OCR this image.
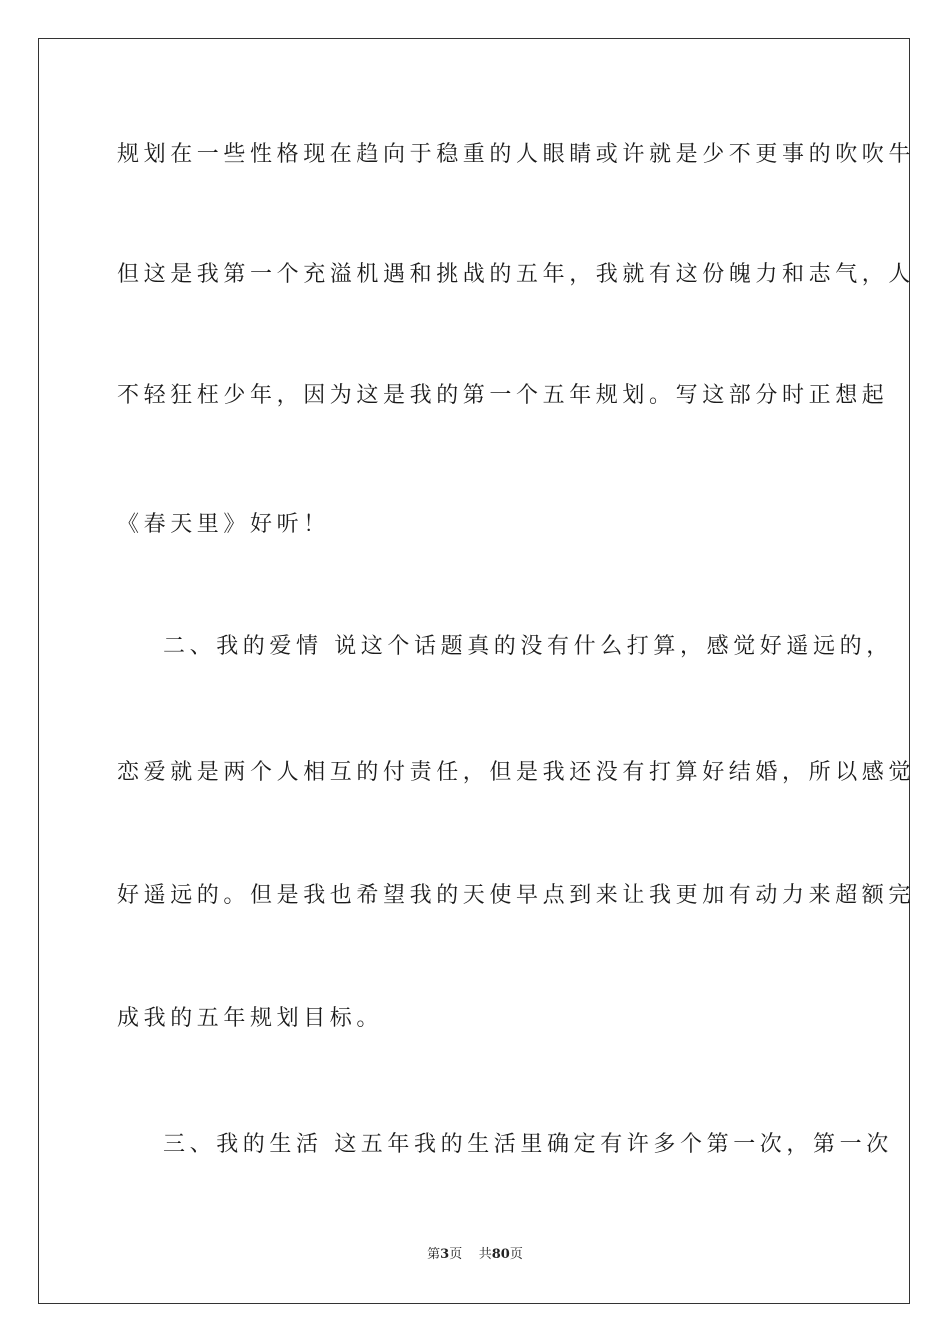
规划在一些性格现在趋向于稳重的人眼睛或许就是少不更事的吹吹牛
但这是我第一个充溢机遇和挑战的五年，我就有这份魄力和志气，人
不轻狂枉少年，因为这是我的第一个五年规划。写这部分时正想起
《春天里》好听！
二、我的爱情 说这个话题真的没有什么打算，感觉好遥远的，
恋爱就是两个人相互的付责任，但是我还没有打算好结婚，所以感觉
好遥远的。但是我也希望我的天使早点到来让我更加有动力来超额完
成我的五年规划目标。
三、我的生活 这五年我的生活里确定有许多个第一次，第一次
第3页 共80页
